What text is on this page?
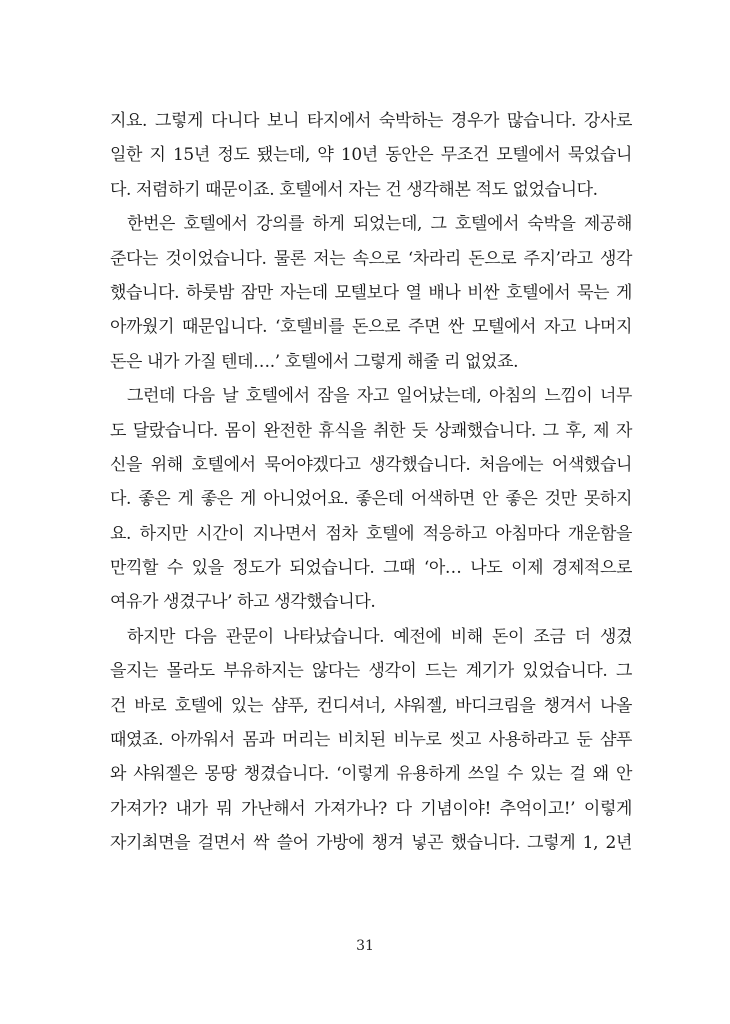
지요. 그렇게 다니다 보니 타지에서 숙박하는 경우가 많습니다. 강사로
일한 지 15년 정도 됐는데, 약 10년 동안은 무조건 모텔에서 묵었습니
다. 저렴하기 때문이죠. 호텔에서 자는 건 생각해본 적도 없었습니다.
한번은 호텔에서 강의를 하게 되었는데, 그 호텔에서 숙박을 제공해
준다는 것이었습니다. 물론 저는 속으로 ‘차라리 돈으로 주지’라고 생각
했습니다. 하룻밤 잠만 자는데 모텔보다 열 배나 비싼 호텔에서 묵는 게
아까웠기 때문입니다. ‘호텔비를 돈으로 주면 싼 모텔에서 자고 나머지
돈은 내가 가질 텐데….’ 호텔에서 그렇게 해줄 리 없었죠.
그런데 다음 날 호텔에서 잠을 자고 일어났는데, 아침의 느낌이 너무
도 달랐습니다. 몸이 완전한 휴식을 취한 듯 상쾌했습니다. 그 후, 제 자
신을 위해 호텔에서 묵어야겠다고 생각했습니다. 처음에는 어색했습니
다. 좋은 게 좋은 게 아니었어요. 좋은데 어색하면 안 좋은 것만 못하지
요. 하지만 시간이 지나면서 점차 호텔에 적응하고 아침마다 개운함을
만끽할 수 있을 정도가 되었습니다. 그때 ‘아… 나도 이제 경제적으로
여유가 생겼구나’ 하고 생각했습니다.
하지만 다음 관문이 나타났습니다. 예전에 비해 돈이 조금 더 생겼
을지는 몰라도 부유하지는 않다는 생각이 드는 계기가 있었습니다. 그
건 바로 호텔에 있는 샴푸, 컨디셔너, 샤워젤, 바디크림을 챙겨서 나올
때였죠. 아까워서 몸과 머리는 비치된 비누로 씻고 사용하라고 둔 샴푸
와 샤워젤은 몽땅 챙겼습니다. ‘이렇게 유용하게 쓰일 수 있는 걸 왜 안
가져가? 내가 뭐 가난해서 가져가나? 다 기념이야! 추억이고!’ 이렇게
자기최면을 걸면서 싹 쓸어 가방에 챙겨 넣곤 했습니다. 그렇게 1, 2년
31
